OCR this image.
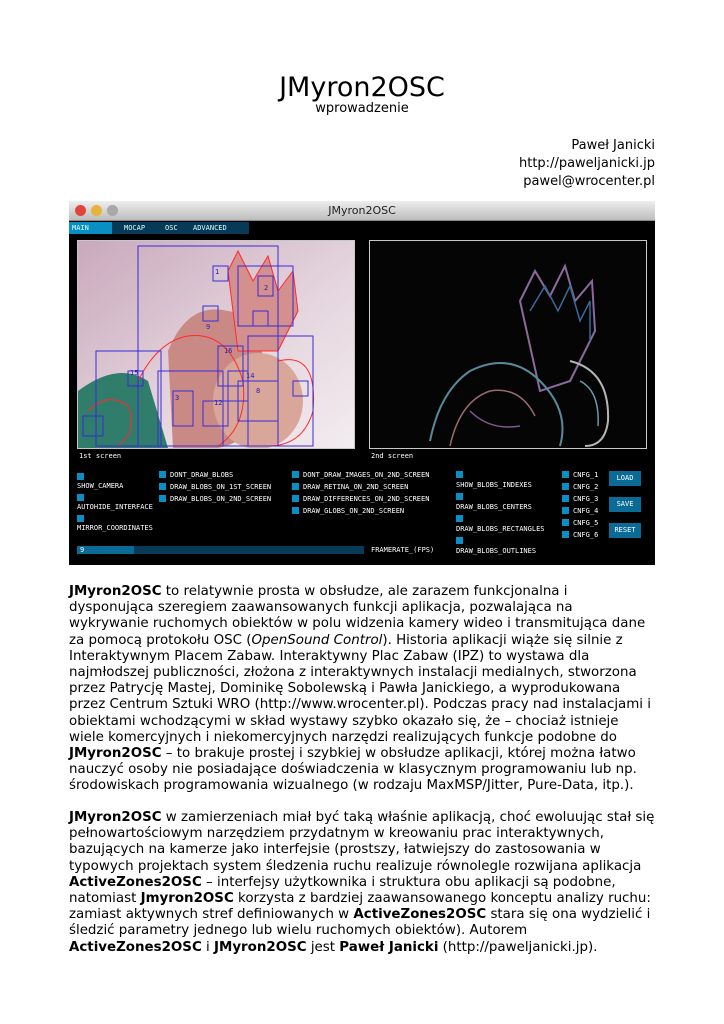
JMyron2OSC
wprowadzenie
Paweł Janicki
http://paweljanicki.jp
pawel@wrocenter.pl
JMyron2OSC
MAIN	MOCAP	OSC	ADVANCED
1
2
9
16
15
3
12
14
8
1st screen	2nd screen
SHOW_CAMERA
AUTOHIDE_INTERFACE
MIRROR_COORDINATES
DONT_DRAW_BLOBS
DRAW_BLOBS_ON_1ST_SCREEN
DRAW_BLOBS_ON_2ND_SCREEN
DONT_DRAW_IMAGES_ON_2ND_SCREEN
DRAW_RETINA_ON_2ND_SCREEN
DRAW_DIFFERENCES_ON_2ND_SCREEN
DRAW_GLOBS_ON_2ND_SCREEN
SHOW_BLOBS_INDEXES
DRAW_BLOBS_CENTERS
DRAW_BLOBS_RECTANGLES
DRAW_BLOBS_OUTLINES
CNFG_1
CNFG_2
CNFG_3
CNFG_4
CNFG_5
CNFG_6
LOAD
SAVE
RESET
9	FRAMERATE_(FPS)
JMyron2OSC to relatywnie prosta w obsłudze, ale zarazem funkcjonalna i dysponująca szeregiem zaawansowanych funkcji aplikacja, pozwalająca na wykrywanie ruchomych obiektów w polu widzenia kamery wideo i transmitująca dane za pomocą protokołu OSC (OpenSound Control). Historia aplikacji wiąże się silnie z Interaktywnym Placem Zabaw. Interaktywny Plac Zabaw (IPZ) to wystawa dla najmłodszej publiczności, złożona z interaktywnych instalacji medialnych, stworzona przez Patrycję Mastej, Dominikę Sobolewską i Pawła Janickiego, a wyprodukowana przez Centrum Sztuki WRO (http://www.wrocenter.pl). Podczas pracy nad instalacjami i obiektami wchodzącymi w skład wystawy szybko okazało się, że – chociaż istnieje wiele komercyjnych i niekomercyjnych narzędzi realizujących funkcje podobne do JMyron2OSC – to brakuje prostej i szybkiej w obsłudze aplikacji, której można łatwo nauczyć osoby nie posiadające doświadczenia w klasycznym programowaniu lub np. środowiskach programowania wizualnego (w rodzaju MaxMSP/Jitter, Pure-Data, itp.).
JMyron2OSC w zamierzeniach miał być taką właśnie aplikacją, choć ewoluując stał się pełnowartościowym narzędziem przydatnym w kreowaniu prac interaktywnych, bazujących na kamerze jako interfejsie (prostszy, łatwiejszy do zastosowania w typowych projektach system śledzenia ruchu realizuje równolegle rozwijana aplikacja ActiveZones2OSC – interfejsy użytkownika i struktura obu aplikacji są podobne, natomiast Jmyron2OSC korzysta z bardziej zaawansowanego konceptu analizy ruchu: zamiast aktywnych stref definiowanych w ActiveZones2OSC stara się ona wydzielić i śledzić parametry jednego lub wielu ruchomych obiektów). Autorem ActiveZones2OSC i JMyron2OSC jest Paweł Janicki (http://paweljanicki.jp).
